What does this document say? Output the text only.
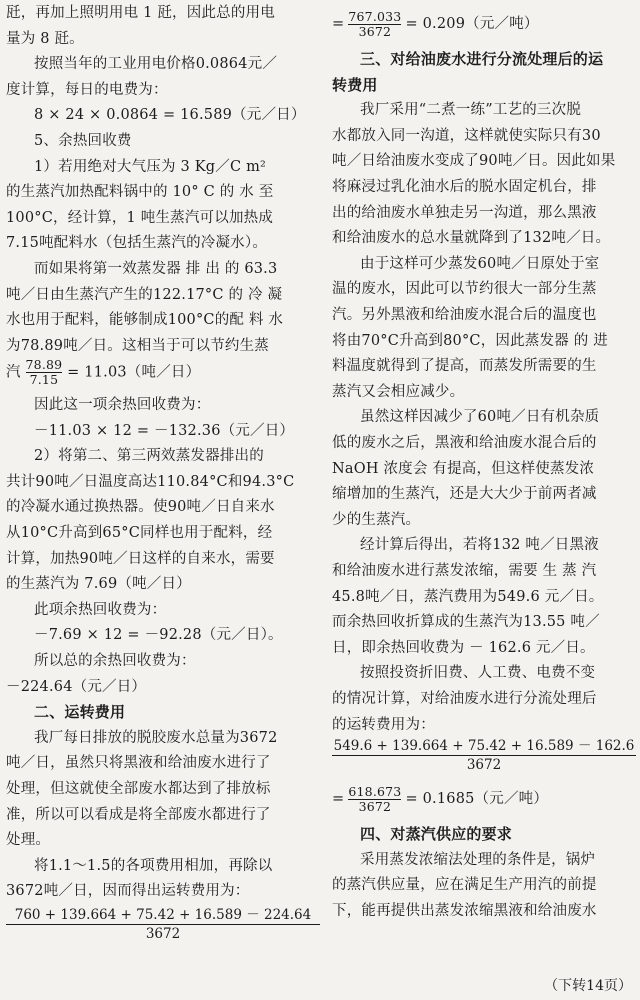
瓩，再加上照明用电 1 瓩，因此总的用电
量为 8 瓩。
按照当年的工业用电价格0.0864元／
度计算，每日的电费为：
8 × 24 × 0.0864 = 16.589（元／日）
5、余热回收费
1）若用绝对大气压为 3 Kg／C m²
的生蒸汽加热配料锅中的 10° C 的 水 至
100°C，经计算，1 吨生蒸汽可以加热成
7.15吨配料水（包括生蒸汽的冷凝水）。
而如果将第一效蒸发器 排 出 的 63.3
吨／日由生蒸汽产生的122.17°C 的 冷 凝
水也用于配料，能够制成100°C的配 料 水
为78.89吨／日。这相当于可以节约生蒸
汽 $\frac{78.89}{7.15} = 11.03$（吨／日）
因此这一项余热回收费为：
－11.03 × 12 = －132.36（元／日）
2）将第二、第三两效蒸发器排出的
共计90吨／日温度高达110.84°C和94.3°C
的冷凝水通过换热器。使90吨／日自来水
从10°C升高到65°C同样也用于配料，经
计算，加热90吨／日这样的自来水，需要
的生蒸汽为 7.69（吨／日）
此项余热回收费为：
－7.69 × 12 = －92.28（元／日）。
所以总的余热回收费为：
－224.64（元／日）
二、运转费用
我厂每日排放的脱胶废水总量为3672
吨／日，虽然只将黑液和给油废水进行了
处理，但这就使全部废水都达到了排放标
准，所以可以看成是将全部废水都进行了
处理。
将1.1～1.5的各项费用相加，再除以
3672吨／日，因而得出运转费用为：
760 + 139.664 + 75.42 + 16.589 － 224.64
3672
= $\frac{767.033}{3672} = 0.209$（元／吨）
三、对给油废水进行分流处理后的运
转费用
我厂采用“二煮一练”工艺的三次脱
水都放入同一沟道，这样就使实际只有30
吨／日给油废水变成了90吨／日。因此如果
将麻浸过乳化油水后的脱水固定机台，排
出的给油废水单独走另一沟道，那么黑液
和给油废水的总水量就降到了132吨／日。
由于这样可少蒸发60吨／日原处于室
温的废水，因此可以节约很大一部分生蒸
汽。另外黑液和给油废水混合后的温度也
将由70°C升高到80°C，因此蒸发器 的 进
料温度就得到了提高，而蒸发所需要的生
蒸汽又会相应减少。
虽然这样因减少了60吨／日有机杂质
低的废水之后，黑液和给油废水混合后的
NaOH 浓度会 有提高，但这样使蒸发浓
缩增加的生蒸汽，还是大大少于前两者减
少的生蒸汽。
经计算后得出，若将132 吨／日黑液
和给油废水进行蒸发浓缩，需要 生 蒸 汽
45.8吨／日，蒸汽费用为549.6 元／日。
而余热回收折算成的生蒸汽为13.55 吨／
日，即余热回收费为 － 162.6 元／日。
按照投资折旧费、人工费、电费不变
的情况计算，对给油废水进行分流处理后
的运转费用为：
549.6 + 139.664 + 75.42 + 16.589 － 162.6
3672
= $\frac{618.673}{3672} = 0.1685$（元／吨）
四、对蒸汽供应的要求
采用蒸发浓缩法处理的条件是，锅炉
的蒸汽供应量，应在满足生产用汽的前提
下，能再提供出蒸发浓缩黑液和给油废水
（下转14页）
